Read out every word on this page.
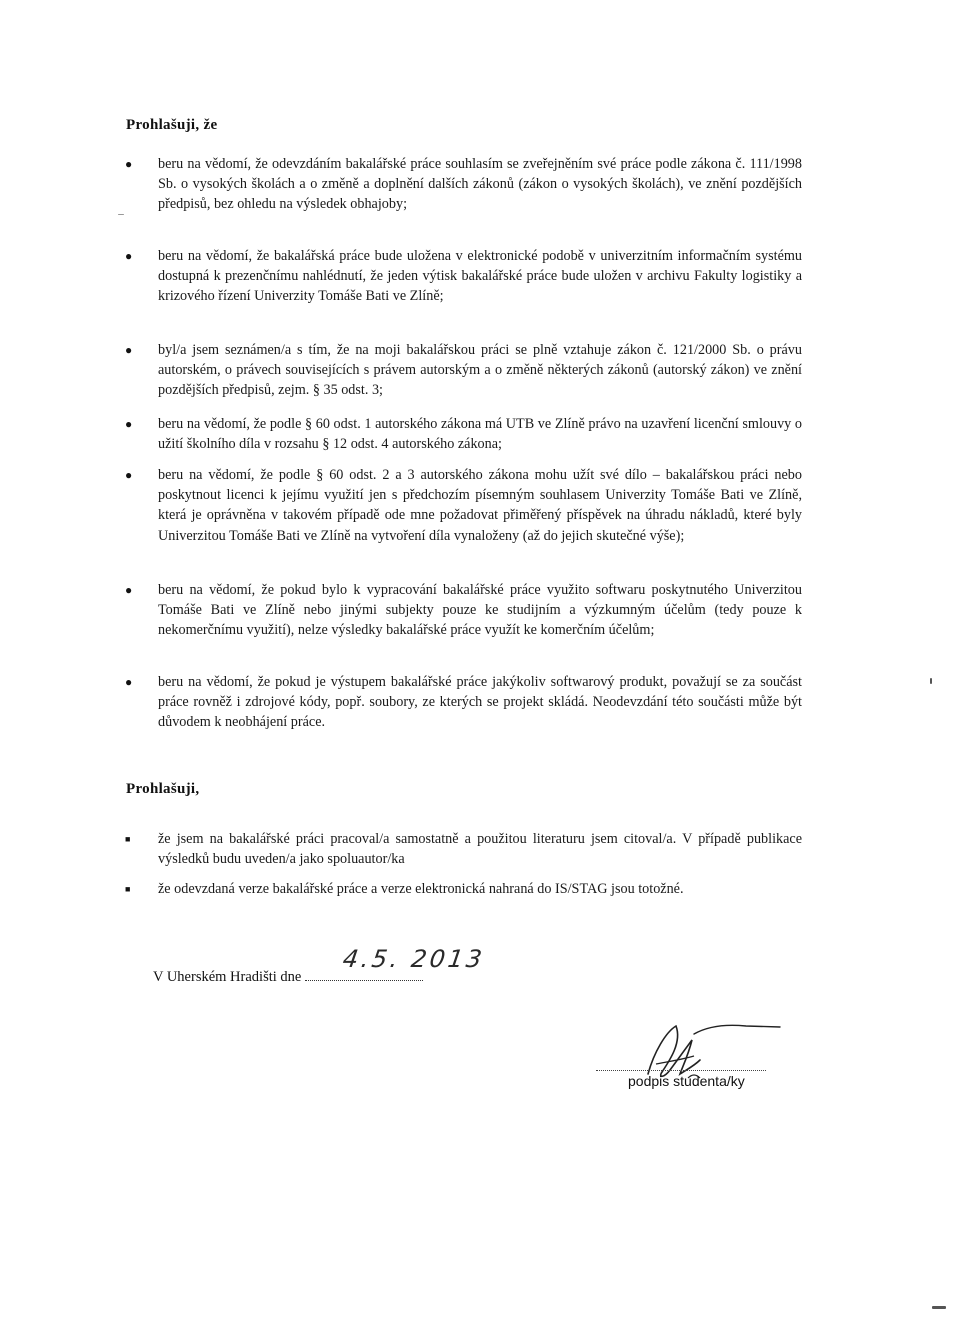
Prohlašuji, že
●	beru na vědomí, že odevzdáním bakalářské práce souhlasím se zveřejněním své práce podle zákona č. 111/1998 Sb. o vysokých školách a o změně a doplnění dalších zákonů (zákon o vysokých školách), ve znění pozdějších předpisů, bez ohledu na výsledek obhajoby;
●	beru na vědomí, že bakalářská práce bude uložena v elektronické podobě v univerzitním informačním systému dostupná k prezenčnímu nahlédnutí, že jeden výtisk bakalářské práce bude uložen v archivu Fakulty logistiky a krizového řízení Univerzity Tomáše Bati ve Zlíně;
●	byl/a jsem seznámen/a s tím, že na moji bakalářskou práci se plně vztahuje zákon č. 121/2000 Sb. o právu autorském, o právech souvisejících s právem autorským a o změně některých zákonů (autorský zákon) ve znění pozdějších předpisů, zejm. § 35 odst. 3;
●	beru na vědomí, že podle § 60 odst. 1 autorského zákona má UTB ve Zlíně právo na uzavření licenční smlouvy o užití školního díla v rozsahu § 12 odst. 4 autorského zákona;
●	beru na vědomí, že podle § 60 odst. 2 a 3 autorského zákona mohu užít své dílo – bakalářskou práci nebo poskytnout licenci k jejímu využití jen s předchozím písemným souhlasem Univerzity Tomáše Bati ve Zlíně, která je oprávněna v takovém případě ode mne požadovat přiměřený příspěvek na úhradu nákladů, které byly Univerzitou Tomáše Bati ve Zlíně na vytvoření díla vynaloženy (až do jejich skutečné výše);
●	beru na vědomí, že pokud bylo k vypracování bakalářské práce využito softwaru poskytnutého Univerzitou Tomáše Bati ve Zlíně nebo jinými subjekty pouze ke studijním a výzkumným účelům (tedy pouze k nekomerčnímu využití), nelze výsledky bakalářské práce využít ke komerčním účelům;
●	beru na vědomí, že pokud je výstupem bakalářské práce jakýkoliv softwarový produkt, považují se za součást práce rovněž i zdrojové kódy, popř. soubory, ze kterých se projekt skládá. Neodevzdání této součásti může být důvodem k neobhájení práce.
Prohlašuji,
■	že jsem na bakalářské práci pracoval/a samostatně a použitou literaturu jsem citoval/a. V případě publikace výsledků budu uveden/a jako spoluautor/ka
■	že odevzdaná verze bakalářské práce a verze elektronická nahraná do IS/STAG jsou totožné.
V Uherském Hradišti dne
4.5. 2013
podpis studenta/ky
